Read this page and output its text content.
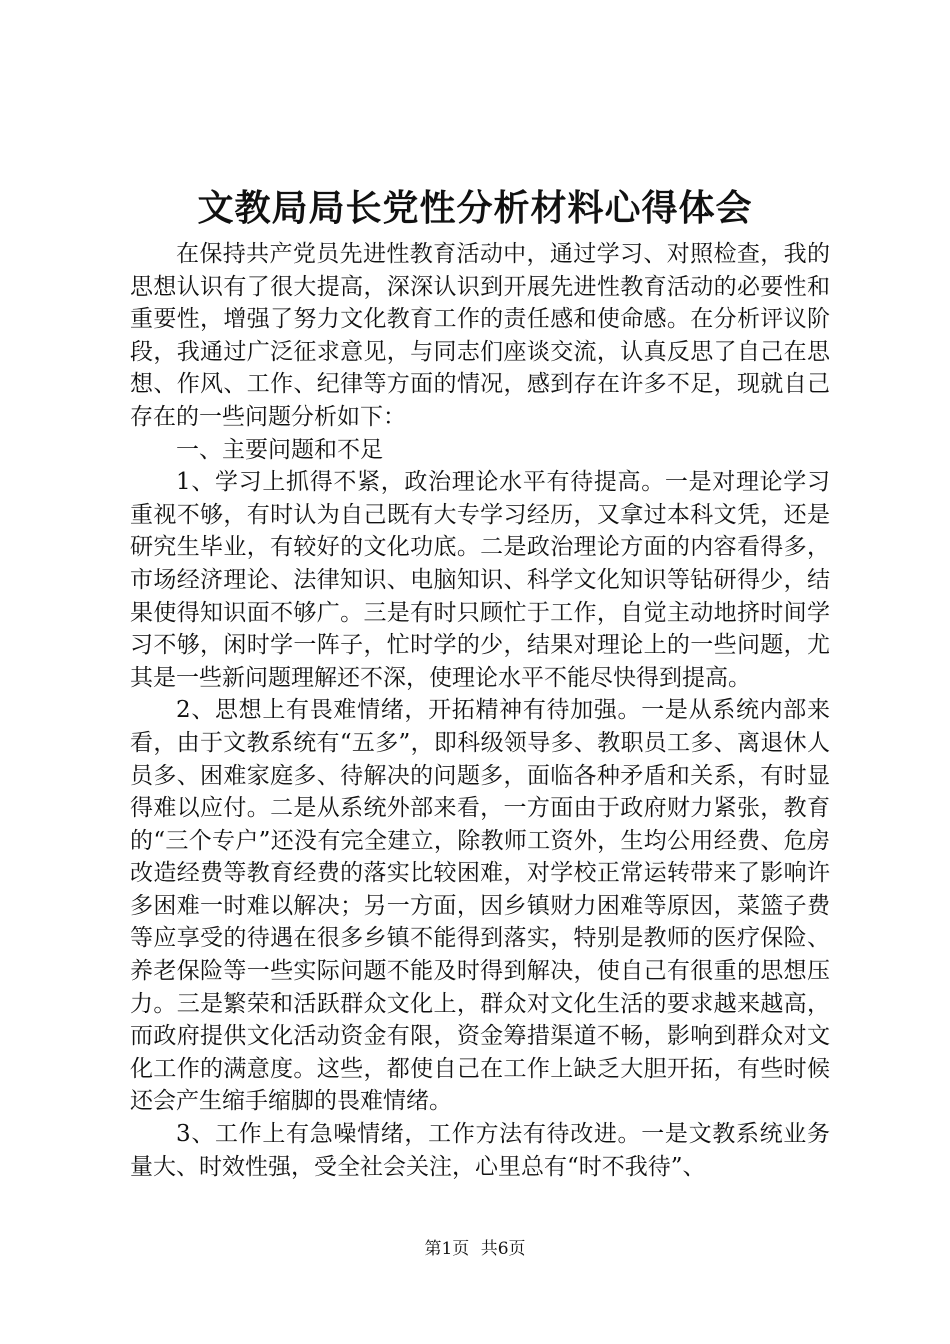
文教局局长党性分析材料心得体会

在保持共产党员先进性教育活动中，通过学习、对照检查，我的思想认识有了很大提高，深深认识到开展先进性教育活动的必要性和重要性，增强了努力文化教育工作的责任感和使命感。在分析评议阶段，我通过广泛征求意见，与同志们座谈交流，认真反思了自己在思想、作风、工作、纪律等方面的情况，感到存在许多不足，现就自己存在的一些问题分析如下：

一、主要问题和不足

1、学习上抓得不紧，政治理论水平有待提高。一是对理论学习重视不够，有时认为自己既有大专学习经历，又拿过本科文凭，还是研究生毕业，有较好的文化功底。二是政治理论方面的内容看得多，市场经济理论、法律知识、电脑知识、科学文化知识等钻研得少，结果使得知识面不够广。三是有时只顾忙于工作，自觉主动地挤时间学习不够，闲时学一阵子，忙时学的少，结果对理论上的一些问题，尤其是一些新问题理解还不深，使理论水平不能尽快得到提高。

2、思想上有畏难情绪，开拓精神有待加强。一是从系统内部来看，由于文教系统有“五多”，即科级领导多、教职员工多、离退休人员多、困难家庭多、待解决的问题多，面临各种矛盾和关系，有时显得难以应付。二是从系统外部来看，一方面由于政府财力紧张，教育的“三个专户”还没有完全建立，除教师工资外，生均公用经费、危房改造经费等教育经费的落实比较困难，对学校正常运转带来了影响许多困难一时难以解决；另一方面，因乡镇财力困难等原因，菜篮子费等应享受的待遇在很多乡镇不能得到落实，特别是教师的医疗保险、养老保险等一些实际问题不能及时得到解决，使自己有很重的思想压力。三是繁荣和活跃群众文化上，群众对文化生活的要求越来越高，而政府提供文化活动资金有限，资金筹措渠道不畅，影响到群众对文化工作的满意度。这些，都使自己在工作上缺乏大胆开拓，有些时候还会产生缩手缩脚的畏难情绪。

3、工作上有急噪情绪，工作方法有待改进。一是文教系统业务量大、时效性强，受全社会关注，心里总有“时不我待”、

第1页 共6页
